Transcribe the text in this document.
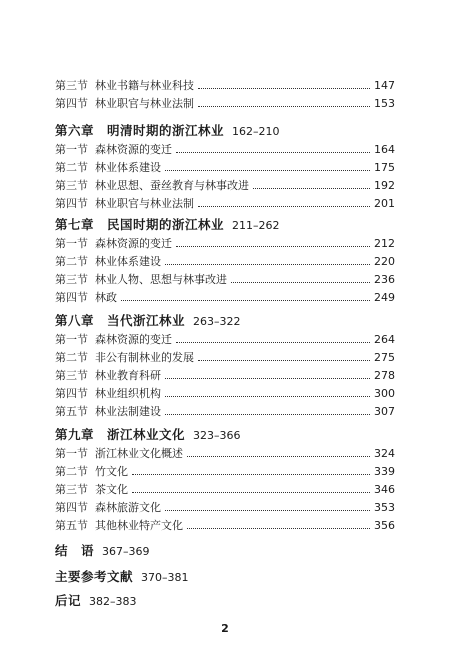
第三节 林业书籍与林业科技	147
第四节 林业职官与林业法制	153
第六章　明清时期的浙江林业 162–210
第一节 森林资源的变迁	164
第二节 林业体系建设	175
第三节 林业思想、蚕丝教育与林事改进	192
第四节 林业职官与林业法制	201
第七章　民国时期的浙江林业 211–262
第一节 森林资源的变迁	212
第二节 林业体系建设	220
第三节 林业人物、思想与林事改进	236
第四节 林政	249
第八章　当代浙江林业 263–322
第一节 森林资源的变迁	264
第二节 非公有制林业的发展	275
第三节 林业教育科研	278
第四节 林业组织机构	300
第五节 林业法制建设	307
第九章　浙江林业文化 323–366
第一节 浙江林业文化概述	324
第二节 竹文化	339
第三节 茶文化	346
第四节 森林旅游文化	353
第五节 其他林业特产文化	356
结　语 367–369
主要参考文献 370–381
后记 382–383
2
